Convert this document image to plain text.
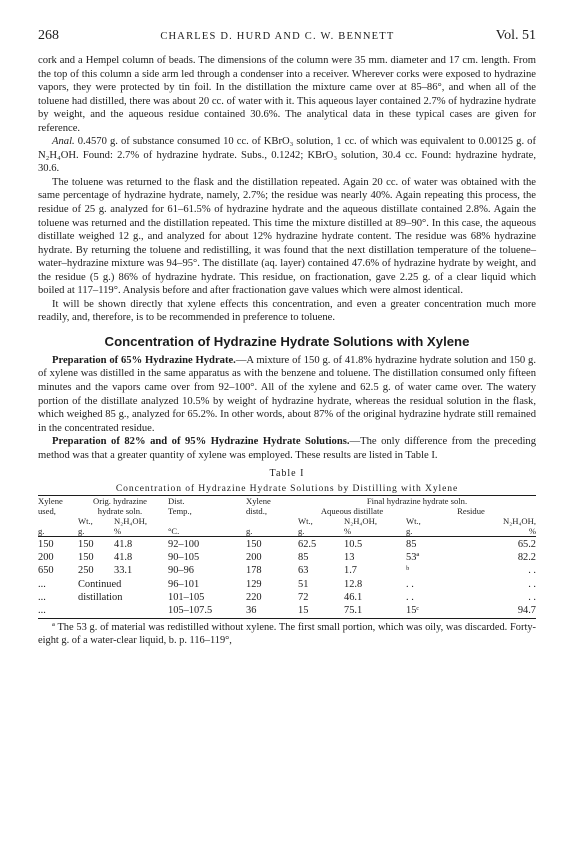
268	CHARLES D. HURD AND C. W. BENNETT	Vol. 51

cork and a Hempel column of beads. The dimensions of the column were 35 mm. diameter and 17 cm. length. From the top of this column a side arm led through a condenser into a receiver. Wherever corks were exposed to hydrazine vapors, they were protected by tin foil. In the distillation the mixture came over at 85–86°, and when all of the toluene had distilled, there was about 20 cc. of water with it. This aqueous layer contained 2.7% of hydrazine hydrate by weight, and the aqueous residue contained 30.6%. The analytical data in these typical cases are given for reference.

Anal. 0.4570 g. of substance consumed 10 cc. of KBrO₃ solution, 1 cc. of which was equivalent to 0.00125 g. of N₂H₄OH. Found: 2.7% of hydrazine hydrate. Subs., 0.1242; KBrO₃ solution, 30.4 cc. Found: hydrazine hydrate, 30.6.

The toluene was returned to the flask and the distillation repeated. Again 20 cc. of water was obtained with the same percentage of hydrazine hydrate, namely, 2.7%; the residue was nearly 40%. Again repeating this process, the residue of 25 g. analyzed for 61–61.5% of hydrazine hydrate and the aqueous distillate contained 2.8%. Again the toluene was returned and the distillation repeated. This time the mixture distilled at 89–90°. In this case, the aqueous distillate weighed 12 g., and analyzed for about 12% hydrazine hydrate content. The residue was 68% hydrazine hydrate. By returning the toluene and redistilling, it was found that the next distillation temperature of the toluene–water–hydrazine mixture was 94–95°. The distillate (aq. layer) contained 47.6% of hydrazine hydrate by weight, and the residue (5 g.) 86% of hydrazine hydrate. This residue, on fractionation, gave 2.25 g. of a clear liquid which boiled at 117–119°. Analysis before and after fractionation gave values which were almost identical.

It will be shown directly that xylene effects this concentration, and even a greater concentration much more readily, and, therefore, is to be recommended in preference to toluene.

Concentration of Hydrazine Hydrate Solutions with Xylene

Preparation of 65% Hydrazine Hydrate.—A mixture of 150 g. of 41.8% hydrazine hydrate solution and 150 g. of xylene was distilled in the same apparatus as with the benzene and toluene. The distillation consumed only fifteen minutes and the vapors came over from 92–100°. All of the xylene and 62.5 g. of water came over. The watery portion of the distillate analyzed 10.5% by weight of hydrazine hydrate, whereas the residual solution in the flask, which weighed 85 g., analyzed for 65.2%. In other words, about 87% of the original hydrazine hydrate still remained in the concentrated residue.

Preparation of 82% and of 95% Hydrazine Hydrate Solutions.—The only difference from the preceding method was that a greater quantity of xylene was employed. These results are listed in Table I.

Table I
Concentration of Hydrazine Hydrate Solutions by Distilling with Xylene
Xylene	Orig. hydrazine		Dist.	Xylene	Final hydrazine hydrate soln.			
used,	hydrate soln.		Temp.,	distd.,	Aqueous distillate		Residue	
	Wt.,	N₂H₄OH,			Wt.,	N₂H₄OH,	Wt.,	N₂H₄OH,
g.	g.	%	°C.	g.	g.	%	g.	%
150	150	41.8	92–100	150	62.5	10.5	85	65.2
200	150	41.8	90–105	200	85	13	53ª	82.2
650	250	33.1	90–96	178	63	1.7	ᵇ	. .
...	Continued		96–101	129	51	12.8	. .	. .
...	distillation		101–105	220	72	46.1	. .	. .
...			105–107.5	36	15	75.1	15ᶜ	94.7

ª The 53 g. of material was redistilled without xylene. The first small portion, which was oily, was discarded. Forty-eight g. of a water-clear liquid, b. p. 116–119°,
